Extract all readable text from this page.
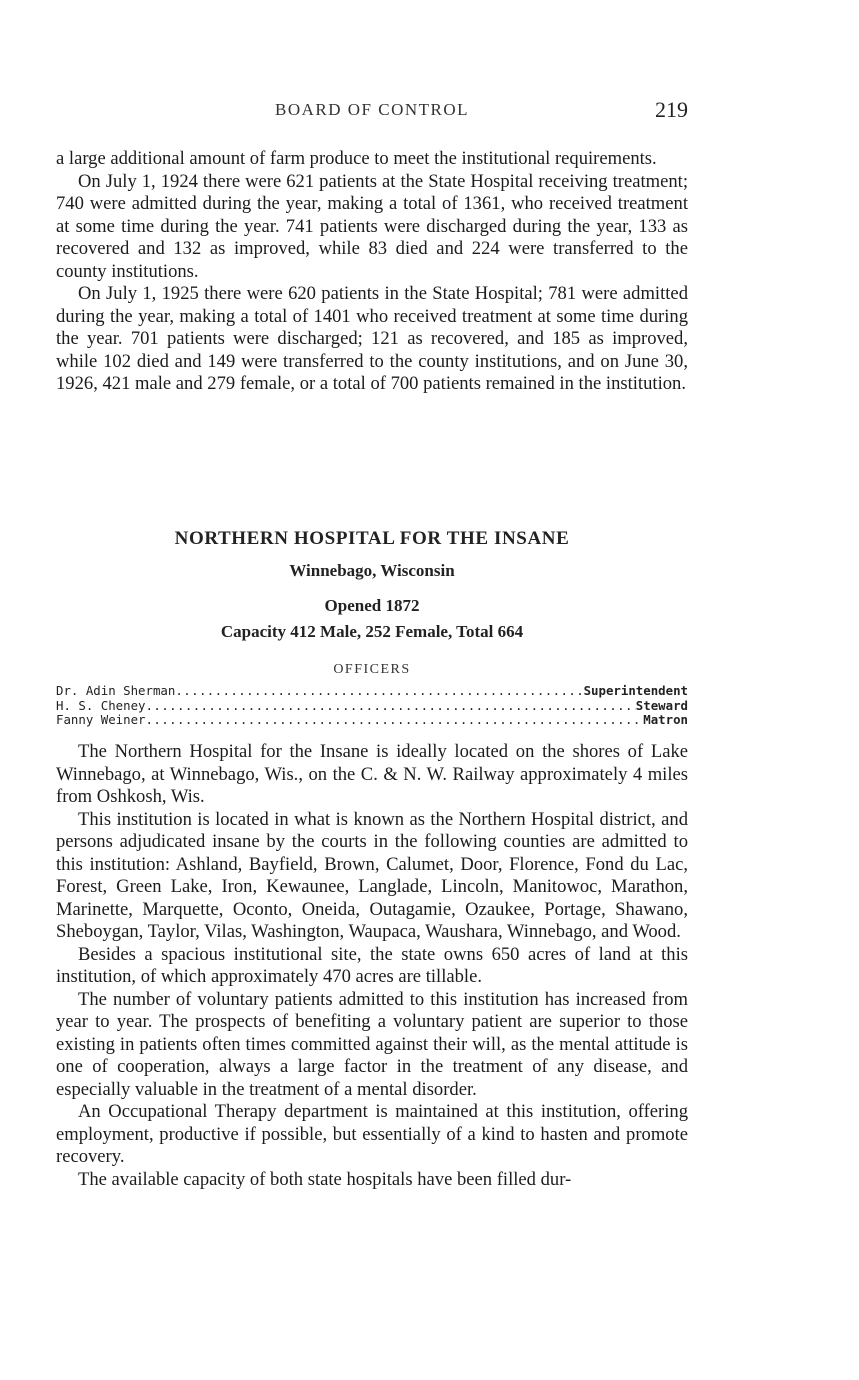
BOARD OF CONTROL	219

a large additional amount of farm produce to meet the institutional requirements.

On July 1, 1924 there were 621 patients at the State Hospital receiving treatment; 740 were admitted during the year, making a total of 1361, who received treatment at some time during the year. 741 patients were discharged during the year, 133 as recovered and 132 as improved, while 83 died and 224 were transferred to the county institutions.

On July 1, 1925 there were 620 patients in the State Hospital; 781 were admitted during the year, making a total of 1401 who received treatment at some time during the year. 701 patients were discharged; 121 as recovered, and 185 as improved, while 102 died and 149 were transferred to the county institutions, and on June 30, 1926, 421 male and 279 female, or a total of 700 patients remained in the institution.

NORTHERN HOSPITAL FOR THE INSANE
Winnebago, Wisconsin
Opened 1872
Capacity 412 Male, 252 Female, Total 664
OFFICERS
Dr. Adin Sherman .....	Superintendent
H. S. Cheney .....	Steward
Fanny Weiner .....	Matron

The Northern Hospital for the Insane is ideally located on the shores of Lake Winnebago, at Winnebago, Wis., on the C. & N. W. Railway approximately 4 miles from Oshkosh, Wis.

This institution is located in what is known as the Northern Hospital district, and persons adjudicated insane by the courts in the following counties are admitted to this institution: Ashland, Bayfield, Brown, Calumet, Door, Florence, Fond du Lac, Forest, Green Lake, Iron, Kewaunee, Langlade, Lincoln, Manitowoc, Marathon, Marinette, Marquette, Oconto, Oneida, Outagamie, Ozaukee, Portage, Shawano, Sheboygan, Taylor, Vilas, Washington, Waupaca, Waushara, Winnebago, and Wood.

Besides a spacious institutional site, the state owns 650 acres of land at this institution, of which approximately 470 acres are tillable.

The number of voluntary patients admitted to this institution has increased from year to year. The prospects of benefiting a voluntary patient are superior to those existing in patients often times committed against their will, as the mental attitude is one of cooperation, always a large factor in the treatment of any disease, and especially valuable in the treatment of a mental disorder.

An Occupational Therapy department is maintained at this institution, offering employment, productive if possible, but essentially of a kind to hasten and promote recovery.

The available capacity of both state hospitals have been filled dur-
